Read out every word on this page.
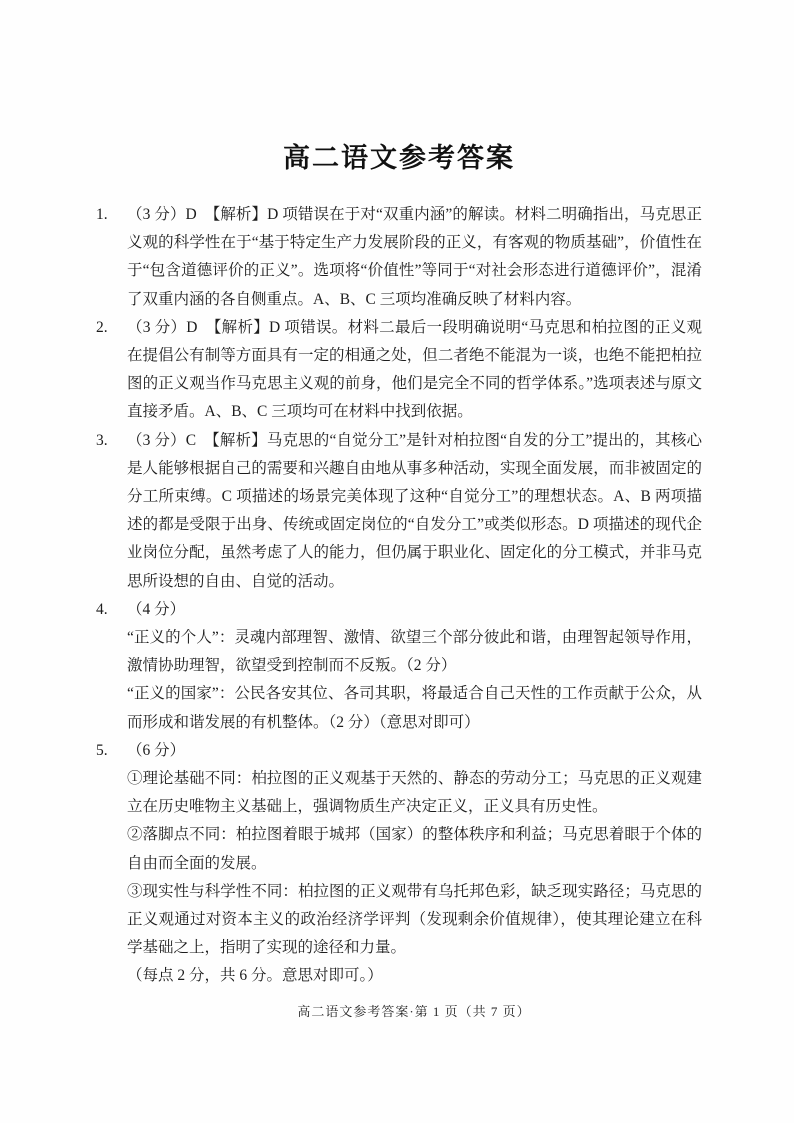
高二语文参考答案
1. （3 分）D　【解析】D 项错误在于对“双重内涵”的解读。材料二明确指出，马克思正义观的科学性在于“基于特定生产力发展阶段的正义，有客观的物质基础”，价值性在于“包含道德评价的正义”。选项将“价值性”等同于“对社会形态进行道德评价”，混淆了双重内涵的各自侧重点。A、B、C 三项均准确反映了材料内容。

2. （3 分）D　【解析】D 项错误。材料二最后一段明确说明“马克思和柏拉图的正义观在提倡公有制等方面具有一定的相通之处，但二者绝不能混为一谈，也绝不能把柏拉图的正义观当作马克思主义观的前身，他们是完全不同的哲学体系。”选项表述与原文直接矛盾。A、B、C 三项均可在材料中找到依据。

3. （3 分）C　【解析】马克思的“自觉分工”是针对柏拉图“自发的分工”提出的，其核心是人能够根据自己的需要和兴趣自由地从事多种活动，实现全面发展，而非被固定的分工所束缚。C 项描述的场景完美体现了这种“自觉分工”的理想状态。A、B 两项描述的都是受限于出身、传统或固定岗位的“自发分工”或类似形态。D 项描述的现代企业岗位分配，虽然考虑了人的能力，但仍属于职业化、固定化的分工模式，并非马克思所设想的自由、自觉的活动。

4. （4 分）

“正义的个人”：灵魂内部理智、激情、欲望三个部分彼此和谐，由理智起领导作用，激情协助理智，欲望受到控制而不反叛。（2 分）

“正义的国家”：公民各安其位、各司其职，将最适合自己天性的工作贡献于公众，从而形成和谐发展的有机整体。（2 分）（意思对即可）

5. （6 分）

①理论基础不同：柏拉图的正义观基于天然的、静态的劳动分工；马克思的正义观建立在历史唯物主义基础上，强调物质生产决定正义，正义具有历史性。

②落脚点不同：柏拉图着眼于城邦（国家）的整体秩序和利益；马克思着眼于个体的自由而全面的发展。

③现实性与科学性不同：柏拉图的正义观带有乌托邦色彩，缺乏现实路径；马克思的正义观通过对资本主义的政治经济学评判（发现剩余价值规律），使其理论建立在科学基础之上，指明了实现的途径和力量。

（每点 2 分，共 6 分。意思对即可。）

高二语文参考答案·第 1 页（共 7 页）
